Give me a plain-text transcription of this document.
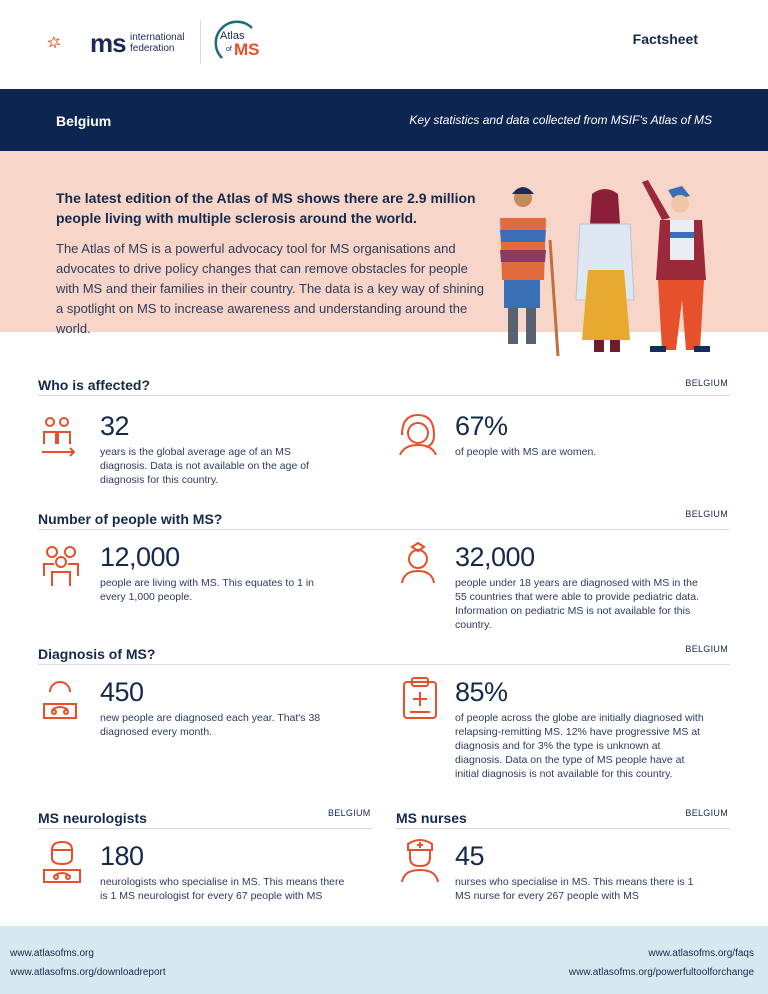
ms international
federation
Atlas
of MS
Factsheet
Belgium	Key statistics and data collected from MSIF's Atlas of MS

The latest edition of the Atlas of MS shows there are 2.9 million people living with multiple sclerosis around the world.

The Atlas of MS is a powerful advocacy tool for MS organisations and advocates to drive policy changes that can remove obstacles for people with MS and their families in their country. The data is a key way of shining a spotlight on MS to increase awareness and understanding around the world.

Who is affected?	BELGIUM
32

years is the global average age of an MS diagnosis. Data is not available on the age of diagnosis for this country.

67%

of people with MS are women.

Number of people with MS?	BELGIUM
12,000

people are living with MS. This equates to 1 in every 1,000 people.

32,000

people under 18 years are diagnosed with MS in the 55 countries that were able to provide pediatric data. Information on pediatric MS is not available for this country.

Diagnosis of MS?	BELGIUM
450

new people are diagnosed each year. That's 38 diagnosed every month.

85%

of people across the globe are initially diagnosed with relapsing-remitting MS. 12% have progressive MS at diagnosis and for 3% the type is unknown at diagnosis. Data on the type of MS people have at initial diagnosis is not available for this country.

MS neurologists	BELGIUM
180

neurologists who specialise in MS. This means there is 1 MS neurologist for every 67 people with MS

MS nurses	BELGIUM
45

nurses who specialise in MS. This means there is 1 MS nurse for every 267 people with MS

www.atlasofms.org
www.atlasofms.org/downloadreport
www.atlasofms.org/faqs
www.atlasofms.org/powerfultoolforchange
